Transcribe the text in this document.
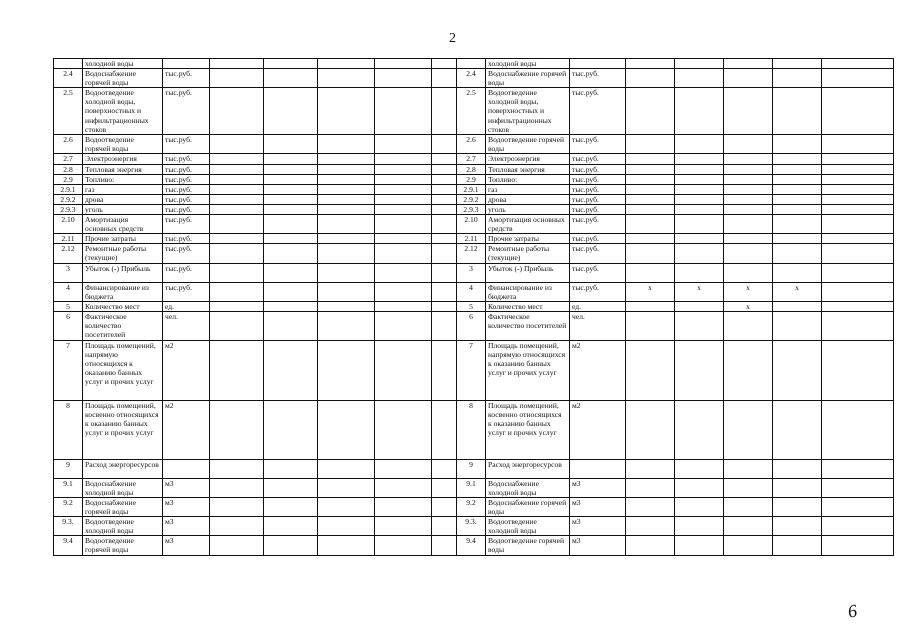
2
	холодной воды								холодной воды						
2.4	Водоснабжение горячей воды	тыс.руб.						2.4	Водоснабжение горячей воды	тыс.руб.					
2.5	Водоотведение холодной воды, поверхностных и инфильтрационных стоков	тыс.руб.						2.5	Водоотведение холодной воды, поверхностных и инфильтрационных стоков	тыс.руб.					
2.6	Водоотведение горячей воды	тыс.руб.						2.6	Водоотведение горячей воды	тыс.руб.					
2.7	Электроэнергия	тыс.руб.						2.7	Электроэнергия	тыс.руб.					
2.8	Тепловая энергия	тыс.руб.						2.8	Тепловая энергия	тыс.руб.					
2.9	Топливо:	тыс.руб.						2.9	Топливо:	тыс.руб.					
2.9.1	газ	тыс.руб.						2.9.1	газ	тыс.руб.					
2.9.2	дрова	тыс.руб.						2.9.2	дрова	тыс.руб.					
2.9.3	уголь	тыс.руб.						2.9.3	уголь	тыс.руб.					
2.10	Амортизация основных средств	тыс.руб.						2.10	Амортизация основных средств	тыс.руб.					
2.11	Прочие затраты	тыс.руб.						2.11	Прочие затраты	тыс.руб.					
2.12	Ремонтные работы (текущие)	тыс.руб.						2.12	Ремонтные работы (текущие)	тыс.руб.					
3	Убыток (-) Прибыль	тыс.руб.						3	Убыток (-) Прибыль	тыс.руб.					
4	Финансирование из бюджета	тыс.руб.						4	Финансирование из бюджета	тыс.руб.	х	х	х	х	
5	Количество мест	ед.						5	Количество мест	ед.			х		
6	Фактическое количество посетителей	чел.						6	Фактическое количество посетителей	чел.					
7	Площадь помещений, напрямую относящихся к оказанию банных услуг и прочих услуг	м2						7	Площадь помещений, напрямую относящихся к оказанию банных услуг и прочих услуг	м2					
8	Площадь помещений, косвенно относящихся к оказанию банных услуг и прочих услуг	м2						8	Площадь помещений, косвенно относящихся к оказанию банных услуг и прочих услуг	м2					
9	Расход энергоресурсов							9	Расход энергоресурсов						
9.1	Водоснабжение холодной воды	м3						9.1	Водоснабжение холодной воды	м3					
9.2	Водоснабжение горячей воды	м3						9.2	Водоснабжение горячей воды	м3					
9.3.	Водоотведение холодной воды	м3						9.3.	Водоотведение холодной воды	м3					
9.4	Водоотведение горячей воды	м3						9.4	Водоотведение горячей воды	м3					
6
